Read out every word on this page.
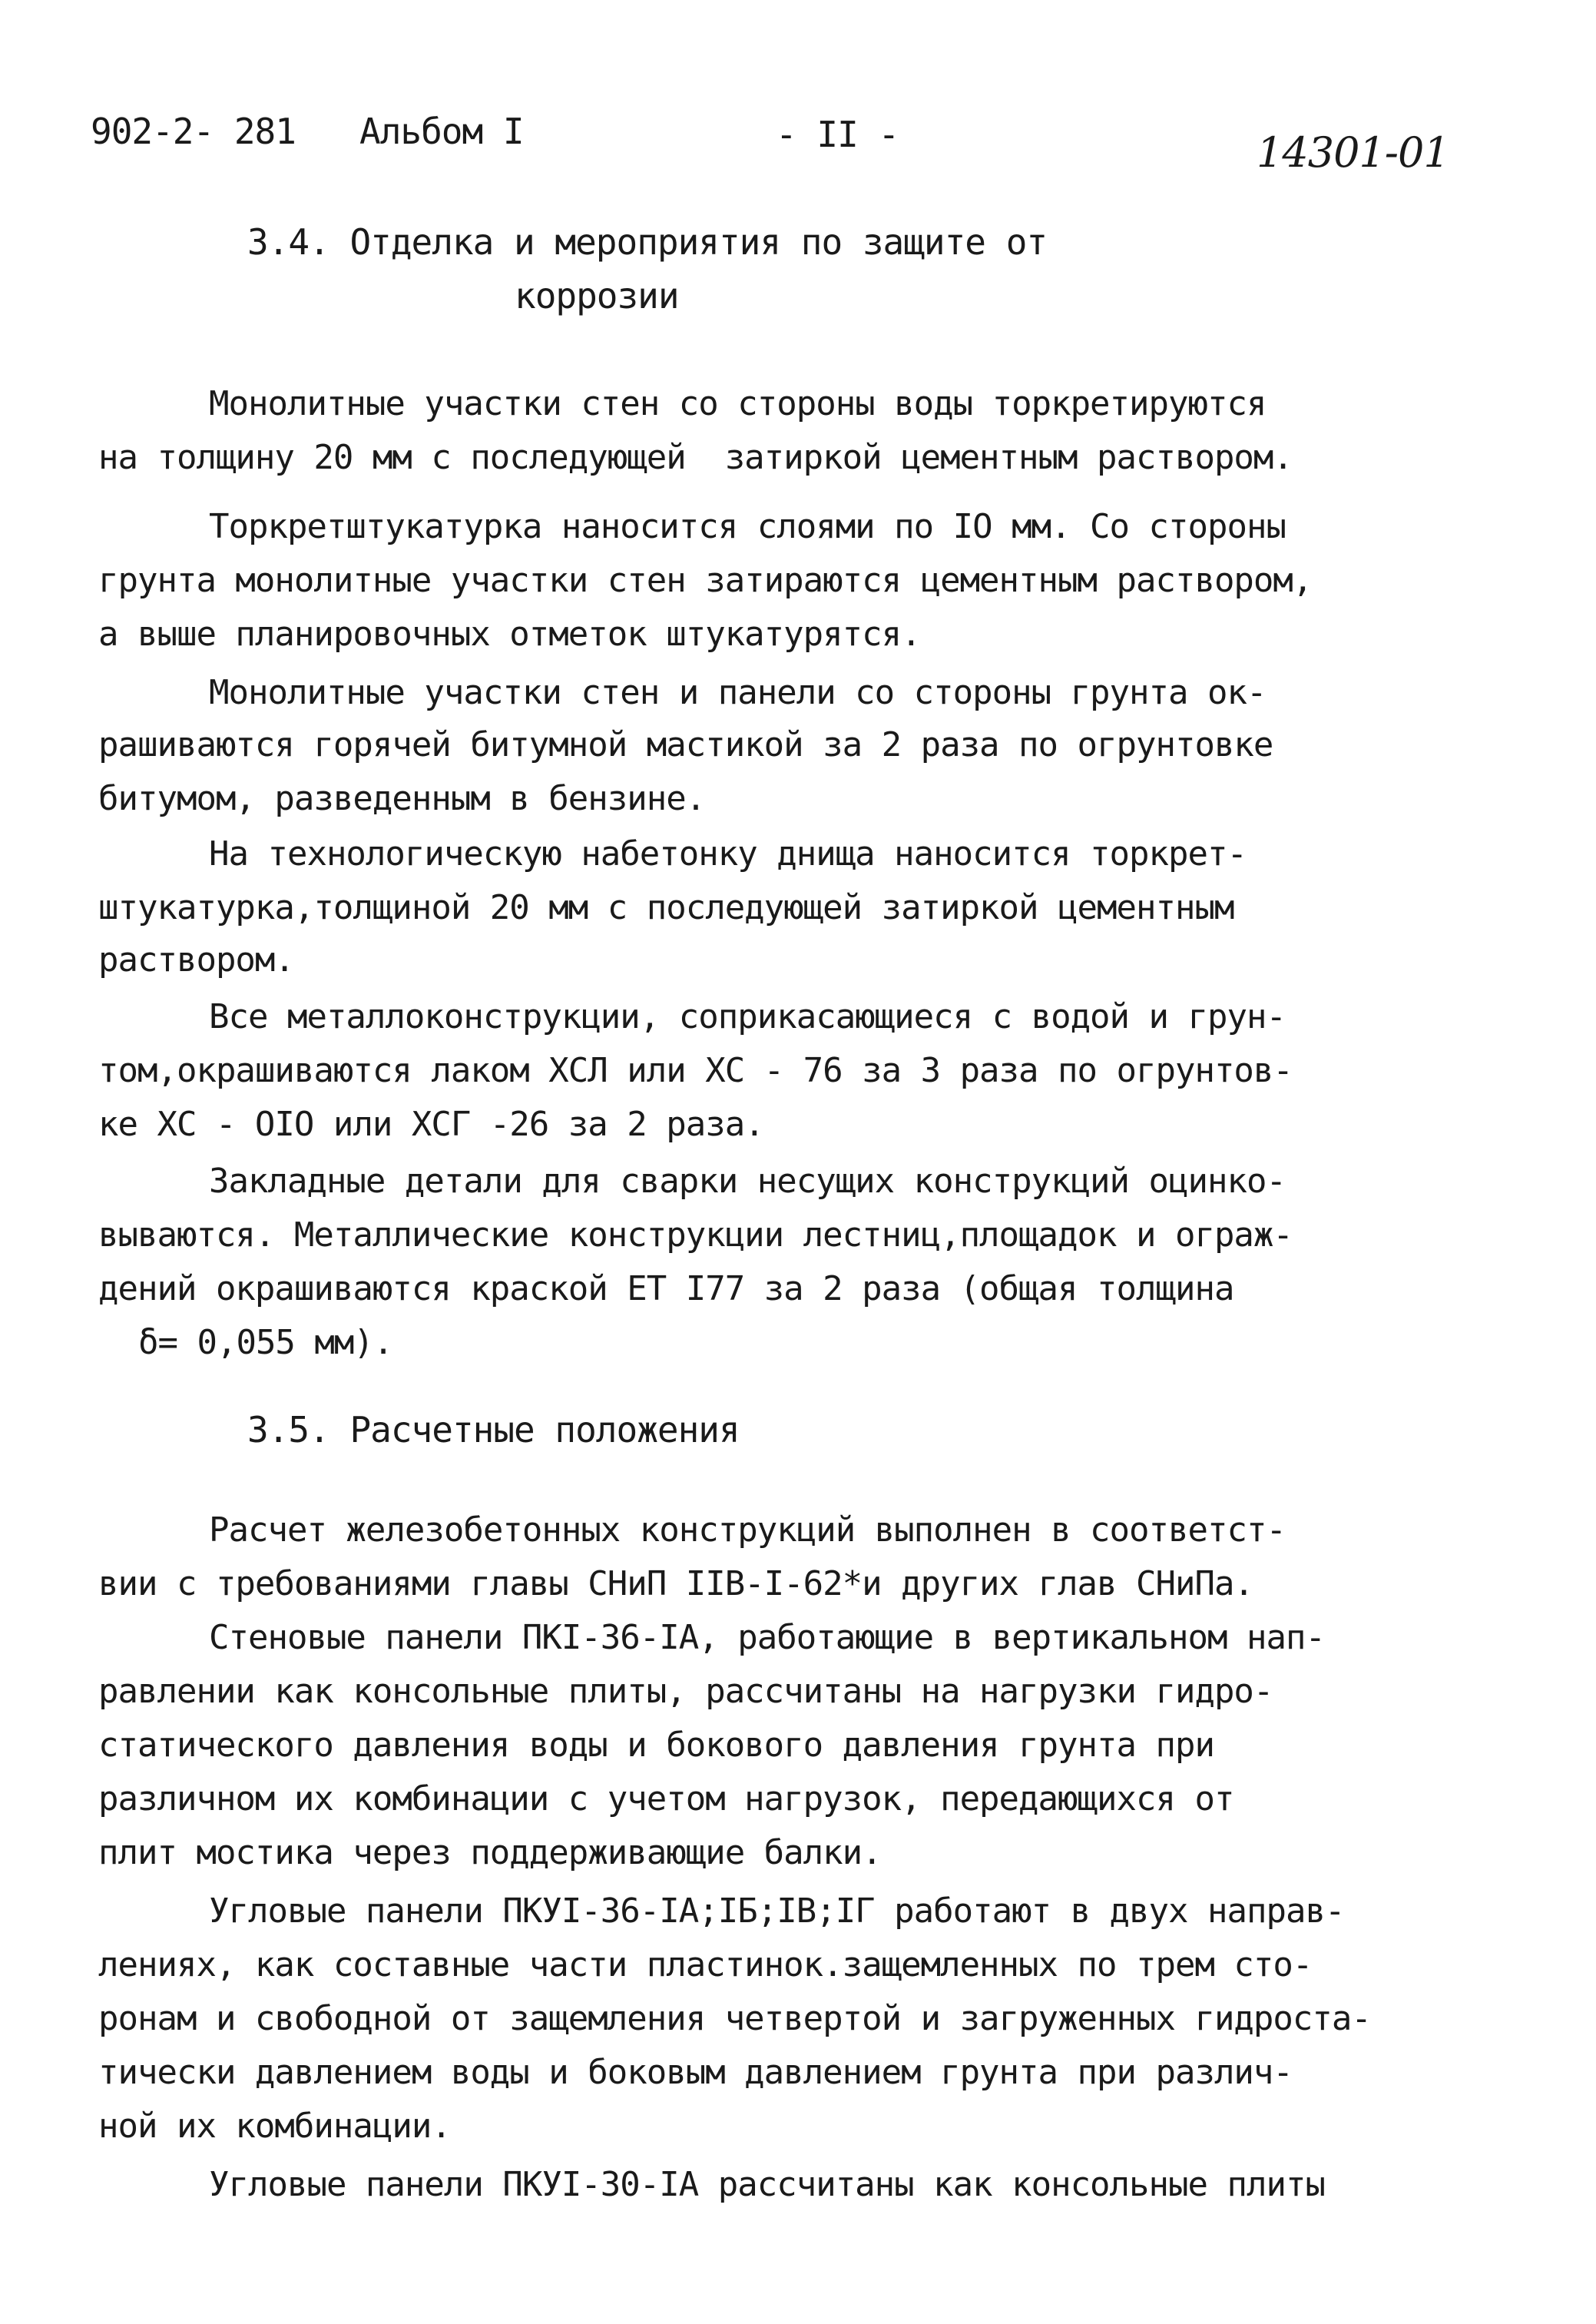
902-2- 281 Альбом I	- II -	14301-01
3.4. Отделка и мероприятия по защите от
коррозии
Монолитные участки стен со стороны воды торкретируются
на толщину 20 мм с последующей  затиркой цементным раствором.
Торкретштукатурка наносится слоями по IO мм. Со стороны
грунта монолитные участки стен затираются цементным раствором,
а выше планировочных отметок штукатурятся.
Монолитные участки стен и панели со стороны грунта ок-
рашиваются горячей битумной мастикой за 2 раза по огрунтовке
битумом, разведенным в бензине.
На технологическую набетонку днища наносится торкрет-
штукатурка,толщиной 20 мм с последующей затиркой цементным
раствором.
Все металлоконструкции, соприкасающиеся с водой и грун-
том,окрашиваются лаком ХСЛ или ХС - 76 за 3 раза по огрунтов-
ке ХС - OIO или ХСГ -26 за 2 раза.
Закладные детали для сварки несущих конструкций оцинко-
вываются. Металлические конструкции лестниц,площадок и ограж-
дений окрашиваются краской ЕТ I77 за 2 раза (общая толщина
δ= 0,055 мм).
3.5. Расчетные положения
Расчет железобетонных конструкций выполнен в соответст-
вии с требованиями главы СНиП IIВ-I-62*и других глав СНиПа.
Стеновые панели ПКI-36-IA, работающие в вертикальном нап-
равлении как консольные плиты, рассчитаны на нагрузки гидро-
статического давления воды и бокового давления грунта при
различном их комбинации с учетом нагрузок, передающихся от
плит мостика через поддерживающие балки.
Угловые панели ПКУI-36-IA;IБ;IВ;IГ работают в двух направ-
лениях, как составные части пластинок.защемленных по трем сто-
ронам и свободной от защемления четвертой и загруженных гидроста-
тически давлением воды и боковым давлением грунта при различ-
ной их комбинации.
Угловые панели ПКУI-30-IA рассчитаны как консольные плиты
